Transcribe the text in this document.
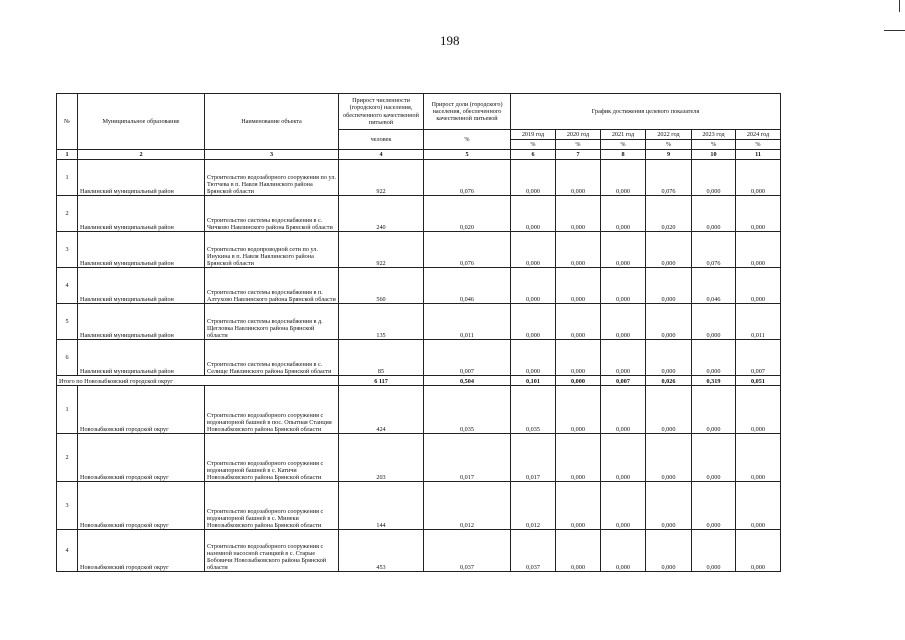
198
№	Муниципальное образование	Наименование объекта	Прирост численности (городского) населения, обеспеченного качественной питьевой	Прирост доли (городского) населения, обеспеченного качественной питьевой	График достижения целевого показателя					
			человек	%	2019 год	2020 год	2021 год	2022 год	2023 год	2024 год
					%	%	%	%	%	%
1	2	3	4	5	6	7	8	9	10	11
1	Навлинский муниципальный район	Строительство водозаборного сооружения по ул. Тютчева в п. Навля Навлинского района Брянской области	922	0,076	0,000	0,000	0,000	0,076	0,000	0,000
2	Навлинский муниципальный район	Строительство системы водоснабжения в с. Чичково Навлинского района Брянской области	240	0,020	0,000	0,000	0,000	0,020	0,000	0,000
3	Навлинский муниципальный район	Строительство водопроводной сети по ул. Инукина в п. Навля Навлинского района Брянской области	922	0,076	0,000	0,000	0,000	0,000	0,076	0,000
4	Навлинский муниципальный район	Строительство системы водоснабжения в п. Алтухово Навлинского района Брянской области	560	0,046	0,000	0,000	0,000	0,000	0,046	0,000
5	Навлинский муниципальный район	Строительство системы водоснабжения в д. Щегловка Навлинского района Брянской области	135	0,011	0,000	0,000	0,000	0,000	0,000	0,011
6	Навлинский муниципальный район	Строительство системы водоснабжения в с. Селище Навлинского района Брянской области	85	0,007	0,000	0,000	0,000	0,000	0,000	0,007
Итого по Новозыбковский городской округ			6 117	0,504	0,101	0,000	0,007	0,026	0,319	0,051
1	Новозыбковский городской округ	Строительство водозаборного сооружения с водонапорной башней в пос. Опытная Станция Новозыбковского района Брянской области	424	0,035	0,035	0,000	0,000	0,000	0,000	0,000
2	Новозыбковский городской округ	Строительство водозаборного сооружения с водонапорной башней в с. Катичи Новозыбковского района Брянской области	203	0,017	0,017	0,000	0,000	0,000	0,000	0,000
3	Новозыбковский городской округ	Строительство водозаборного сооружения с водонапорной башней в с. Минеки Новозыбковского района Брянской области	144	0,012	0,012	0,000	0,000	0,000	0,000	0,000
4	Новозыбковский городской округ	Строительство водозаборного сооружения с наземной насосной станцией в с. Старые Бобовичи Новозыбковского района Брянской области	453	0,037	0,037	0,000	0,000	0,000	0,000	0,000
